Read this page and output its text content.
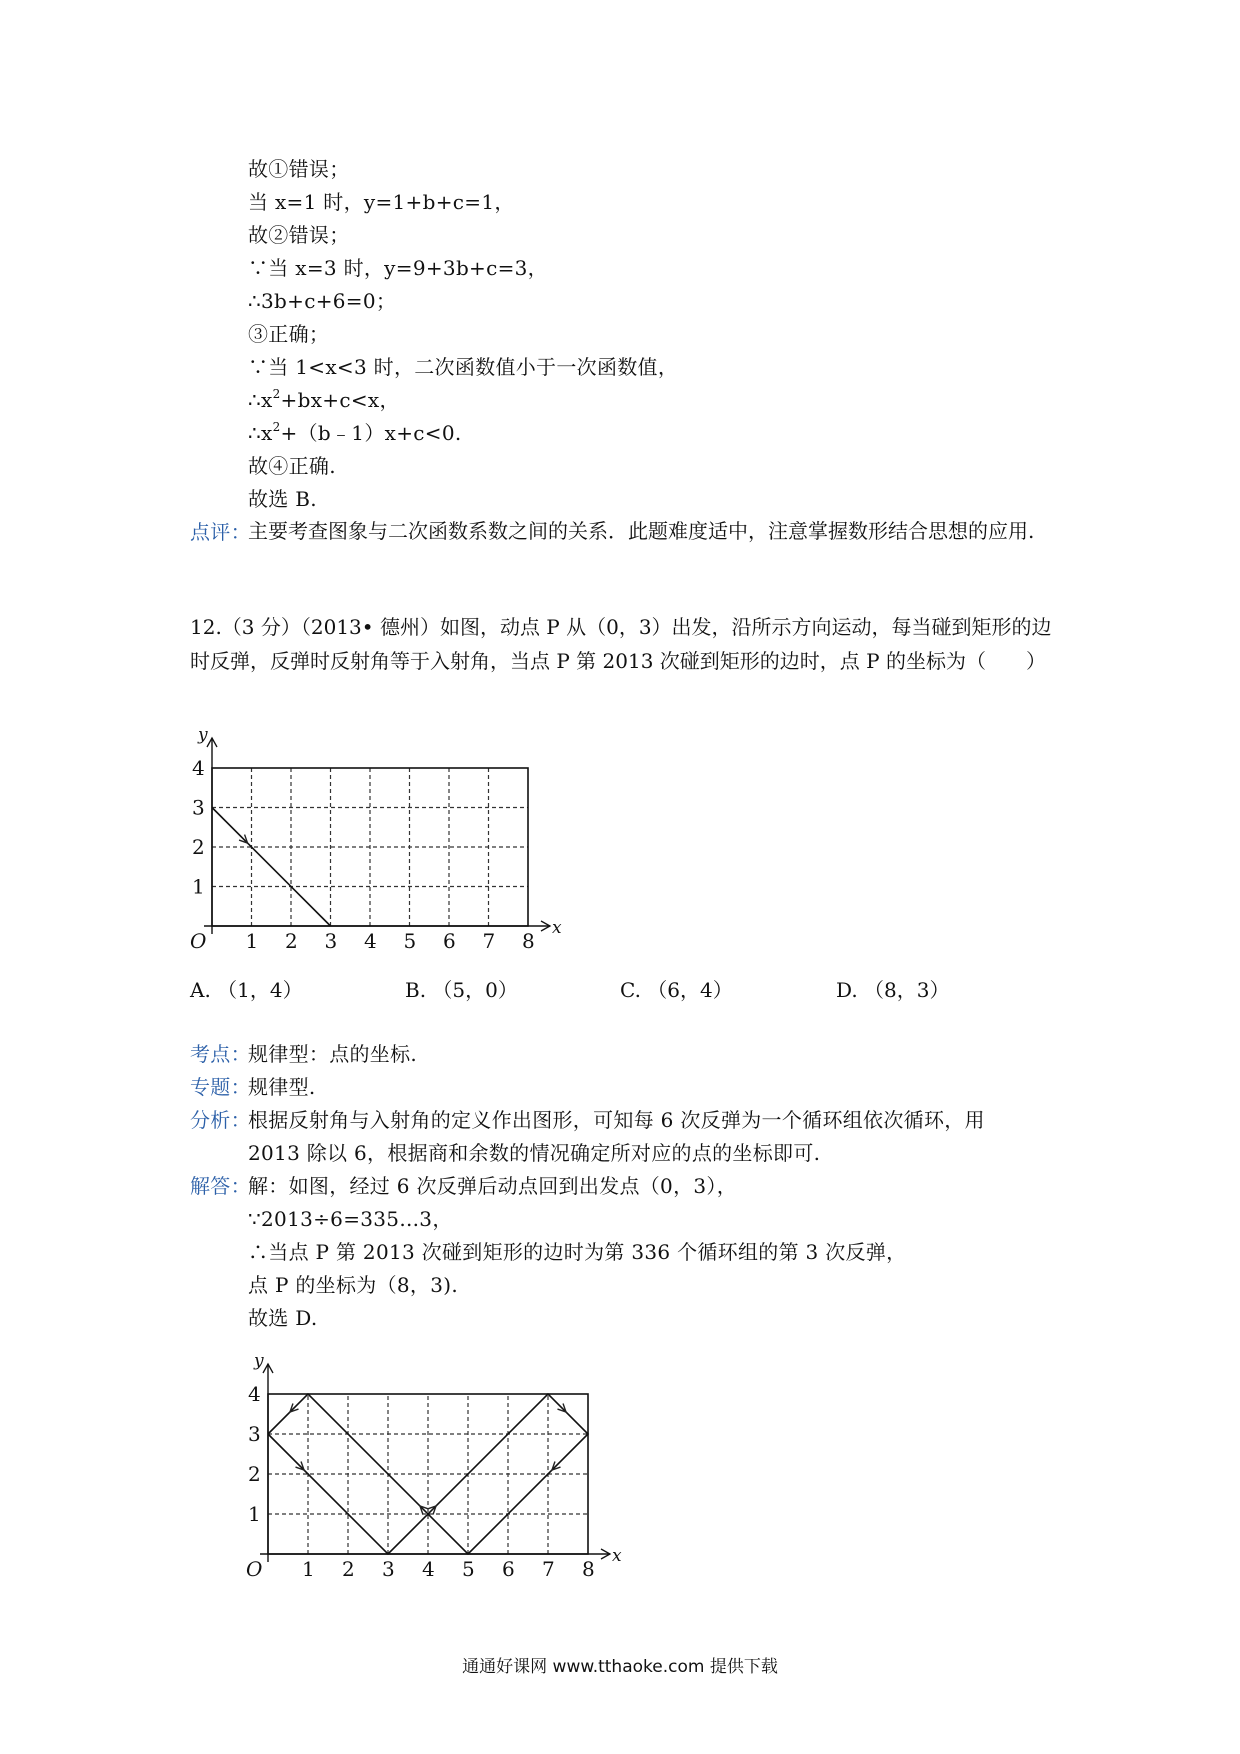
故①错误；
当 x=1 时，y=1+b+c=1，
故②错误；
∵当 x=3 时，y=9+3b+c=3，
∴3b+c+6=0；
③正确；
∵当 1<x<3 时，二次函数值小于一次函数值，
$\therefore x^2+bx+c<x$，
$\therefore x^2+(b﹣1)x+c<0$.
故④正确.
故选 B.
点评：
主要考查图象与二次函数系数之间的关系．此题难度适中，注意掌握数形结合思想的应用.
12.（3 分）（2013• 德州）如图，动点 P 从（0，3）出发，沿所示方向运动，每当碰到矩形的边时反弹，反弹时反射角等于入射角，当点 P 第 2013 次碰到矩形的边时，点 P 的坐标为（　　）
y
x
O 1 2 3 4 5 6 7 8
1
2
3
4
A. （1，4）	B. （5，0）	C. （6，4）	D. （8，3）
考点：
规律型：点的坐标.
专题：
规律型.
分析：
根据反射角与入射角的定义作出图形，可知每 6 次反弹为一个循环组依次循环，用
2013 除以 6，根据商和余数的情况确定所对应的点的坐标即可.
解答：
解：如图，经过 6 次反弹后动点回到出发点（0，3），
∵2013÷6=335...3，
∴当点 P 第 2013 次碰到矩形的边时为第 336 个循环组的第 3 次反弹，
点 P 的坐标为（8，3).
故选 D.
y
x
O 1 2 3 4 5 6 7 8
1
2
3
4
通通好课网 www.tthaoke.com 提供下载
